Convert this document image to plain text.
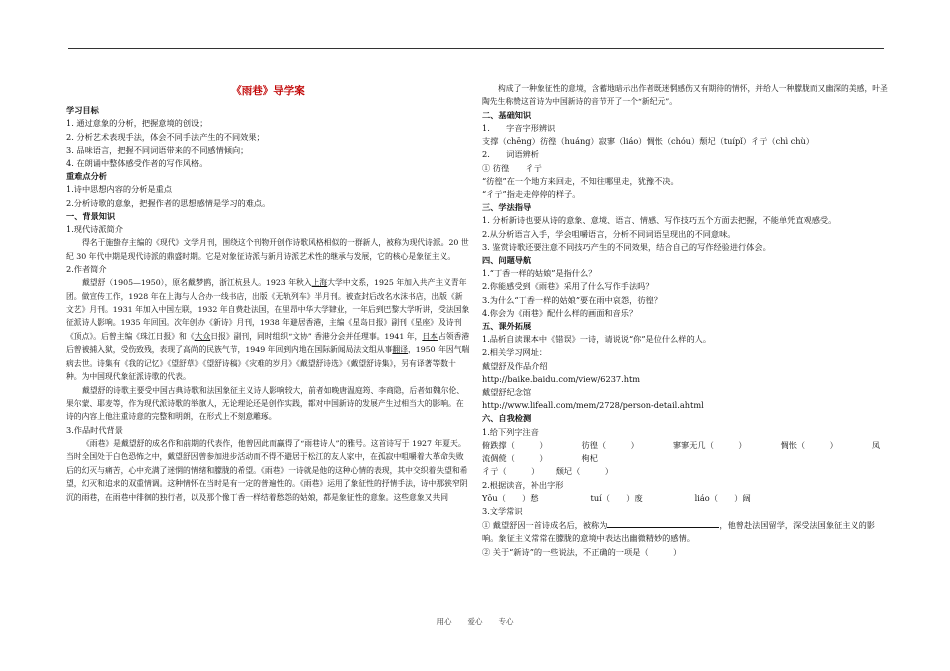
《雨巷》导学案
学习目标
1. 通过意象的分析，把握意境的创设；
2. 分析艺术表现手法，体会不同手法产生的不同效果；
3. 品味语言，把握不同词语带来的不同感情倾向；
4. 在朗诵中整体感受作者的写作风格。
重难点分析
1.诗中思想内容的分析是重点
2.分析诗歌的意象，把握作者的思想感情是学习的难点。
一、背景知识
1.现代诗派简介
得名于施蛰存主编的《现代》文学月刊，围绕这个刊物开创作诗歌风格相似的一群新人，被称为现代诗派。20 世纪 30 年代中期是现代诗派的鼎盛时期。它是对象征诗派与新月诗派艺术性的继承与发展，它的核心是象征主义。
2.作者简介
戴望舒（1905—1950），原名戴梦鸥，浙江杭县人。1923 年秋入上海大学中文系，1925 年加入共产主义青年团。做宣传工作，1928 年在上海与人合办一线书店，出版《无轨列车》半月刊。被查封后改名水沫书店，出版《新文艺》月刊。1931 年加入中国左联，1932 年自费赴法国，在里昂中华大学肄业，一年后到巴黎大学听讲，受法国象征派诗人影响。1935 年回国。次年创办《新诗》月刊，1938 年避居香港，主编《星岛日报》副刊《星座》及诗刊《顶点》。后曾主编《珠江日报》和《大众日报》副刊，同时组织“文协” 香港分会并任理事。1941 年，日本占领香港后曾被捕入狱，受伤致残，表现了高尚的民族气节，1949 年回到内地在国际新闻局法文组从事翻译，1950 年因气喘病去世。诗集有《我的记忆》《望舒草》《望舒诗稿》《灾难的岁月》《戴望舒诗选》《戴望舒诗集》，另有译著等数十种。为中国现代象征派诗歌的代表。
戴望舒的诗歌主要受中国古典诗歌和法国象征主义诗人影响较大，前者如晚唐温庭筠、李商隐，后者如魏尔伦、果尔蒙、耶麦等，作为现代派诗歌的举旗人，无论理论还是创作实践，都对中国新诗的发展产生过相当大的影响。在诗的内容上他注重诗意的完整和明朗，在形式上不刻意雕琢。
3.作品时代背景
《雨巷》是戴望舒的成名作和前期的代表作，他曾因此而赢得了“雨巷诗人”的雅号。这首诗写于 1927 年夏天。当时全国处于白色恐怖之中，戴望舒因曾参加进步活动而不得不避居于松江的友人家中，在孤寂中咀嚼着大革命失败后的幻灭与痛苦，心中充满了迷惘的情绪和朦胧的希望。《雨巷》一诗就是他的这种心情的表现，其中交织着失望和希望，幻灭和追求的双重情调。这种情怀在当时是有一定的普遍性的。《雨巷》运用了象征性的抒情手法，诗中那狭窄阴沉的雨巷，在雨巷中徘徊的独行者，以及那个像丁香一样结着愁怨的姑娘，都是象征性的意象。这些意象又共同
构成了一种象征性的意境，含蓄地暗示出作者既迷惘感伤又有期待的情怀，并给人一种朦胧而又幽深的美感，叶圣陶先生称赞这首诗为中国新诗的音节开了一个“新纪元”。
二、基础知识
1.  字音字形辨识
支撑（chēng）彷徨（huáng）寂寥（liáo）惆怅（chóu）颓圮（tuípǐ）彳亍（chì chù）
2.  词语辨析
① 彷徨  彳亍
“彷徨”在一个地方来回走，不知往哪里走，犹豫不决。
“彳亍”指走走停停的样子。
三、学法指导
1. 分析新诗也要从诗的意象、意境、语言、情感、写作技巧五个方面去把握，不能单凭直观感受。
2.从分析语言入手，学会咀嚼语言，分析不同词语呈现出的不同意味。
3. 鉴赏诗歌还要注意不同技巧产生的不同效果，结合自己的写作经验进行体会。
四、问题导航
1.“丁香一样的姑娘”是指什么？
2.你能感受到《雨巷》采用了什么写作手法吗？
3.为什么“丁香一样的姑娘”要在雨中哀怨，彷徨？
4.你会为《雨巷》配什么样的画面和音乐？
五、课外拓展
1.品析自读课本中《错误》一诗，请说说“你”是位什么样的人。
2.相关学习网址：
戴望舒及作品介绍
http://baike.baidu.com/view/6237.htm
戴望舒纪念馆
http://www.lifeall.com/mem/2728/person-detail.ahtml
六、自我检测
1.给下列字注音
俯跌撑（   ）	彷徨（   ）	寥寥无几（   ）	惆怅（   ）	凤流倜傥（   ）	枸杞
彳亍（   ）  颓圮（   ）
2.根据读音，补出字形
Yōu（  ）愁	tuí（  ）废	liáo（  ）阔
3.文学常识
① 戴望舒因一首诗成名后，被称为	，他曾赴法国留学，深受法国象征主义的影响。象征主义常常在朦胧的意境中表达出幽微精妙的感情。
② 关于“新诗”的一些说法，不正确的一项是（   ）
用心 爱心 专心
